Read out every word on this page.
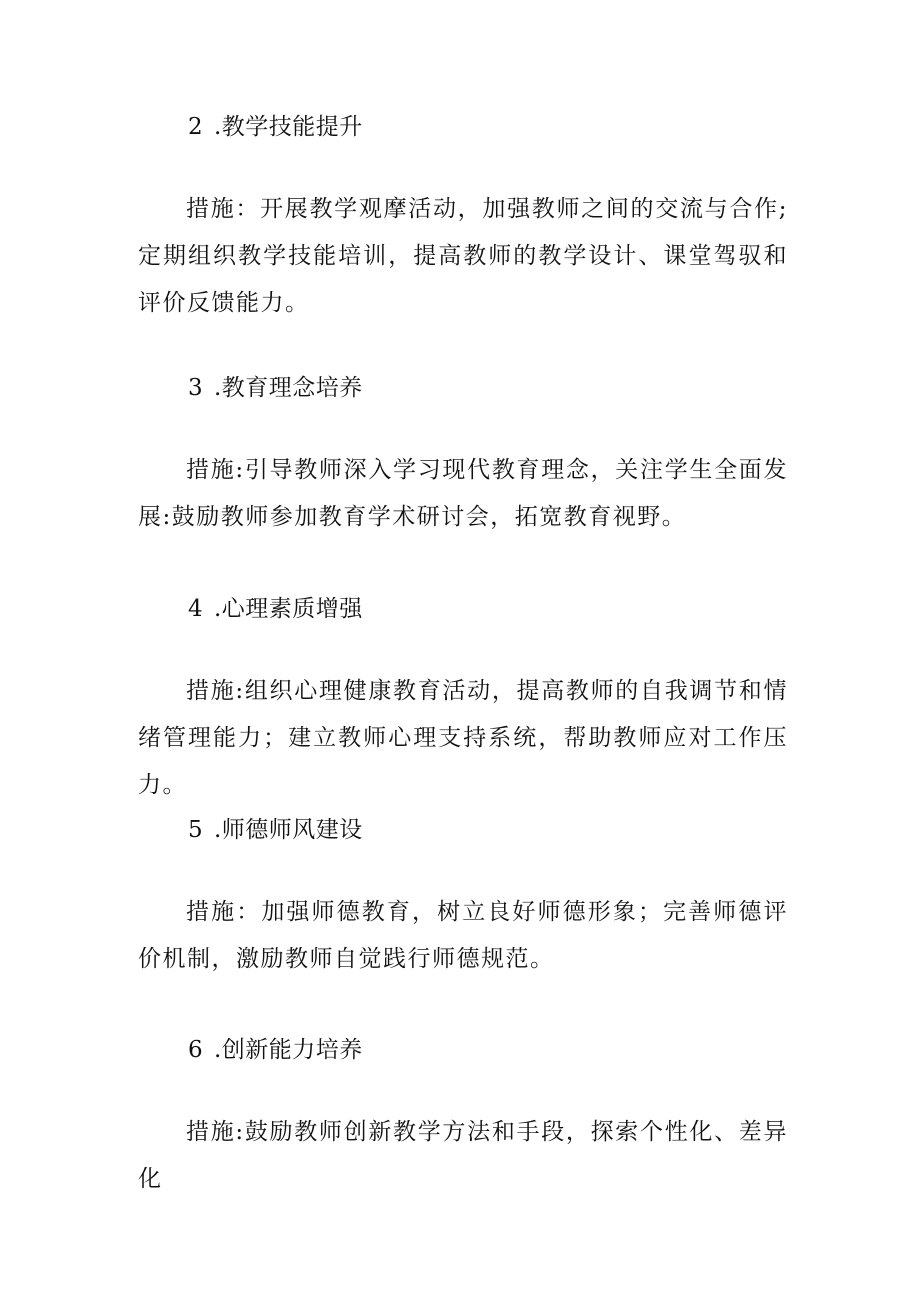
2 .教学技能提升
措施：开展教学观摩活动，加强教师之间的交流与合作;定期组织教学技能培训，提高教师的教学设计、课堂驾驭和评价反馈能力。
3 .教育理念培养
措施:引导教师深入学习现代教育理念，关注学生全面发展:鼓励教师参加教育学术研讨会，拓宽教育视野。
4 .心理素质增强
措施:组织心理健康教育活动，提高教师的自我调节和情绪管理能力；建立教师心理支持系统，帮助教师应对工作压力。
5 .师德师风建设
措施：加强师德教育，树立良好师德形象；完善师德评价机制，激励教师自觉践行师德规范。
6 .创新能力培养
措施:鼓励教师创新教学方法和手段，探索个性化、差异化
